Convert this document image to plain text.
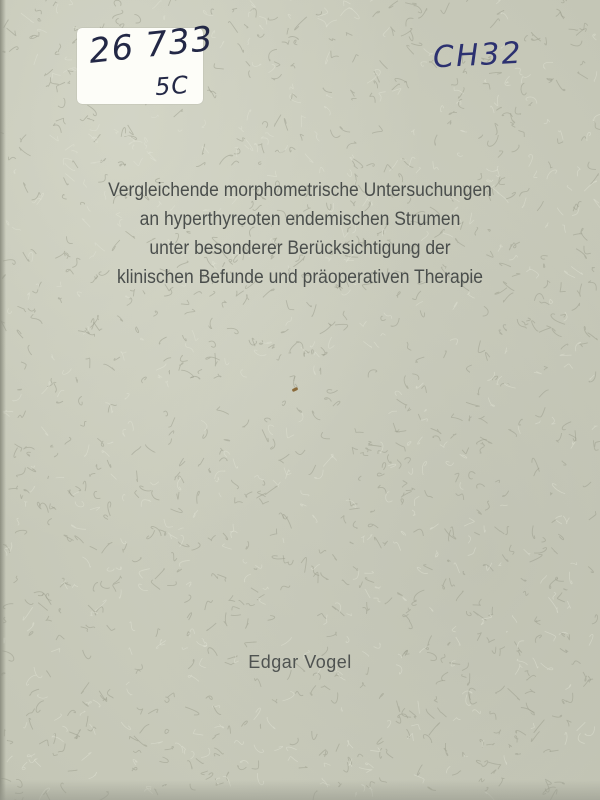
26 733
5C
CH32
Vergleichende morphometrische Untersuchungen
an hyperthyreoten endemischen Strumen
unter besonderer Berücksichtigung der
klinischen Befunde und präoperativen Therapie
Edgar Vogel
